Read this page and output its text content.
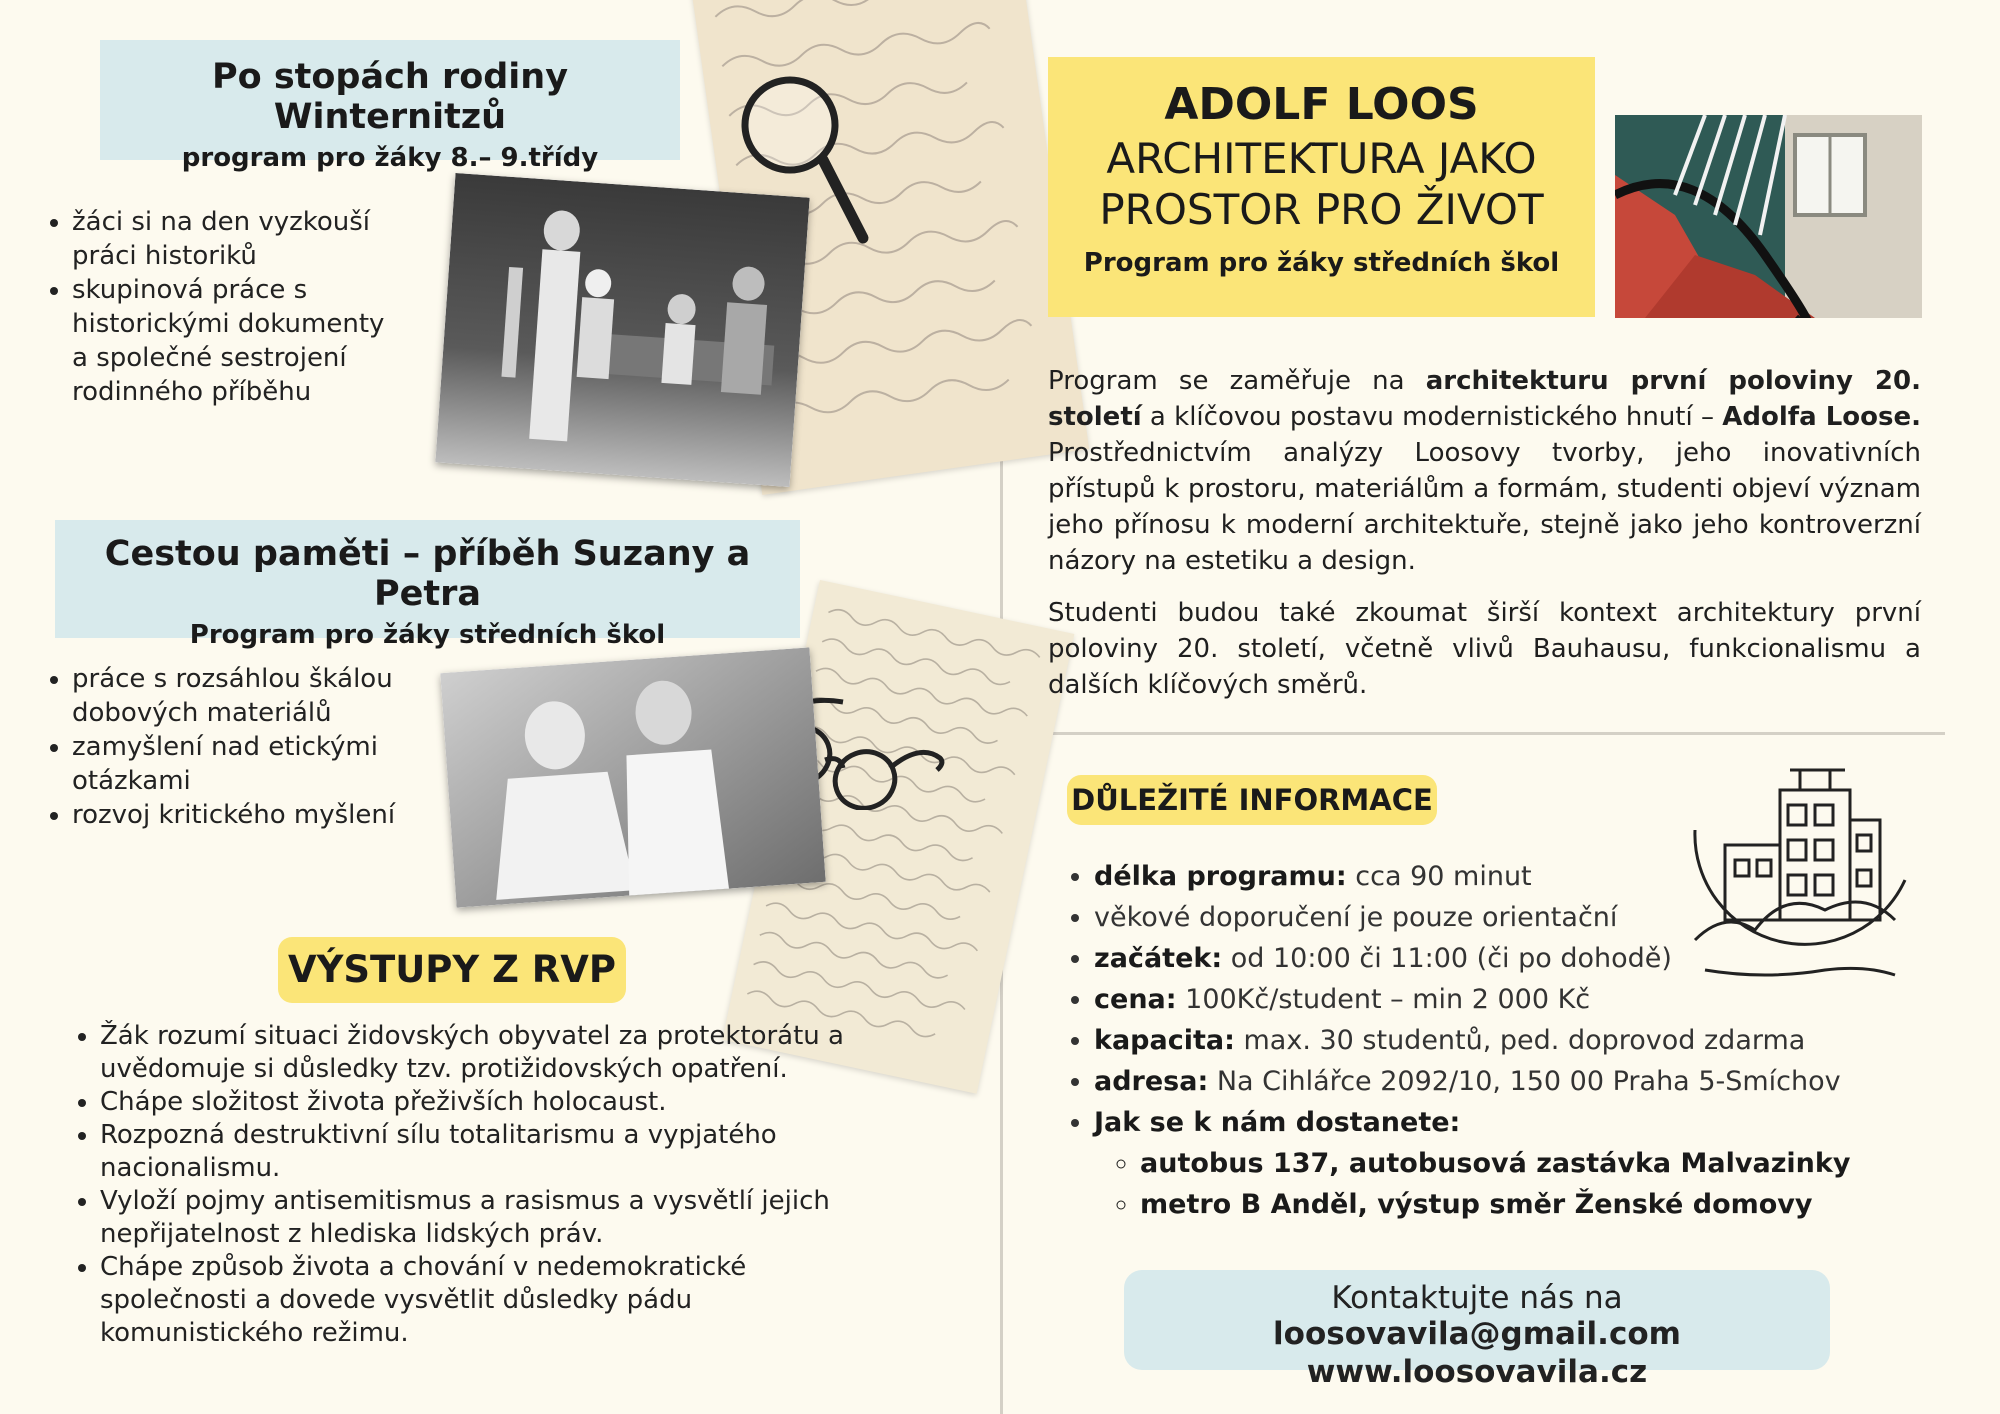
Po stopách rodiny Winternitzů
program pro žáky 8.– 9.třídy
• žáci si na den vyzkouší práci historiků
• skupinová práce s historickými dokumenty a společné sestrojení rodinného příběhu
Cestou paměti – příběh Suzany a Petra
Program pro žáky středních škol
• práce s rozsáhlou škálou dobových materiálů
• zamyšlení nad etickými otázkami
• rozvoj kritického myšlení
VÝSTUPY Z RVP
• Žák rozumí situaci židovských obyvatel za protektorátu a uvědomuje si důsledky tzv. protižidovských opatření.
• Chápe složitost života přeživších holocaust.
• Rozpozná destruktivní sílu totalitarismu a vypjatého nacionalismu.
• Vyloží pojmy antisemitismus a rasismus a vysvětlí jejich nepřijatelnost z hlediska lidských práv.
• Chápe způsob života a chování v nedemokratické společnosti a dovede vysvětlit důsledky pádu komunistického režimu.
ADOLF LOOS
ARCHITEKTURA JAKO
PROSTOR PRO ŽIVOT
Program pro žáky středních škol
Program se zaměřuje na architekturu první poloviny 20. století a klíčovou postavu modernistického hnutí – Adolfa Loose. Prostřednictvím analýzy Loosovy tvorby, jeho inovativních přístupů k prostoru, materiálům a formám, studenti objeví význam jeho přínosu k moderní architektuře, stejně jako jeho kontroverzní názory na estetiku a design.
Studenti budou také zkoumat širší kontext architektury první poloviny 20. století, včetně vlivů Bauhausu, funkcionalismu a dalších klíčových směrů.
DŮLEŽITÉ INFORMACE
• délka programu: cca 90 minut
• věkové doporučení je pouze orientační
• začátek: od 10:00 či 11:00 (či po dohodě)
• cena: 100Kč/student – min 2 000 Kč
• kapacita: max. 30 studentů, ped. doprovod zdarma
• adresa: Na Cihlářce 2092/10, 150 00 Praha 5-Smíchov
• Jak se k nám dostanete:
◦ autobus 137, autobusová zastávka Malvazinky
◦ metro B Anděl, výstup směr Ženské domovy
Kontaktujte nás na loosovavila@gmail.com
www.loosovavila.cz
